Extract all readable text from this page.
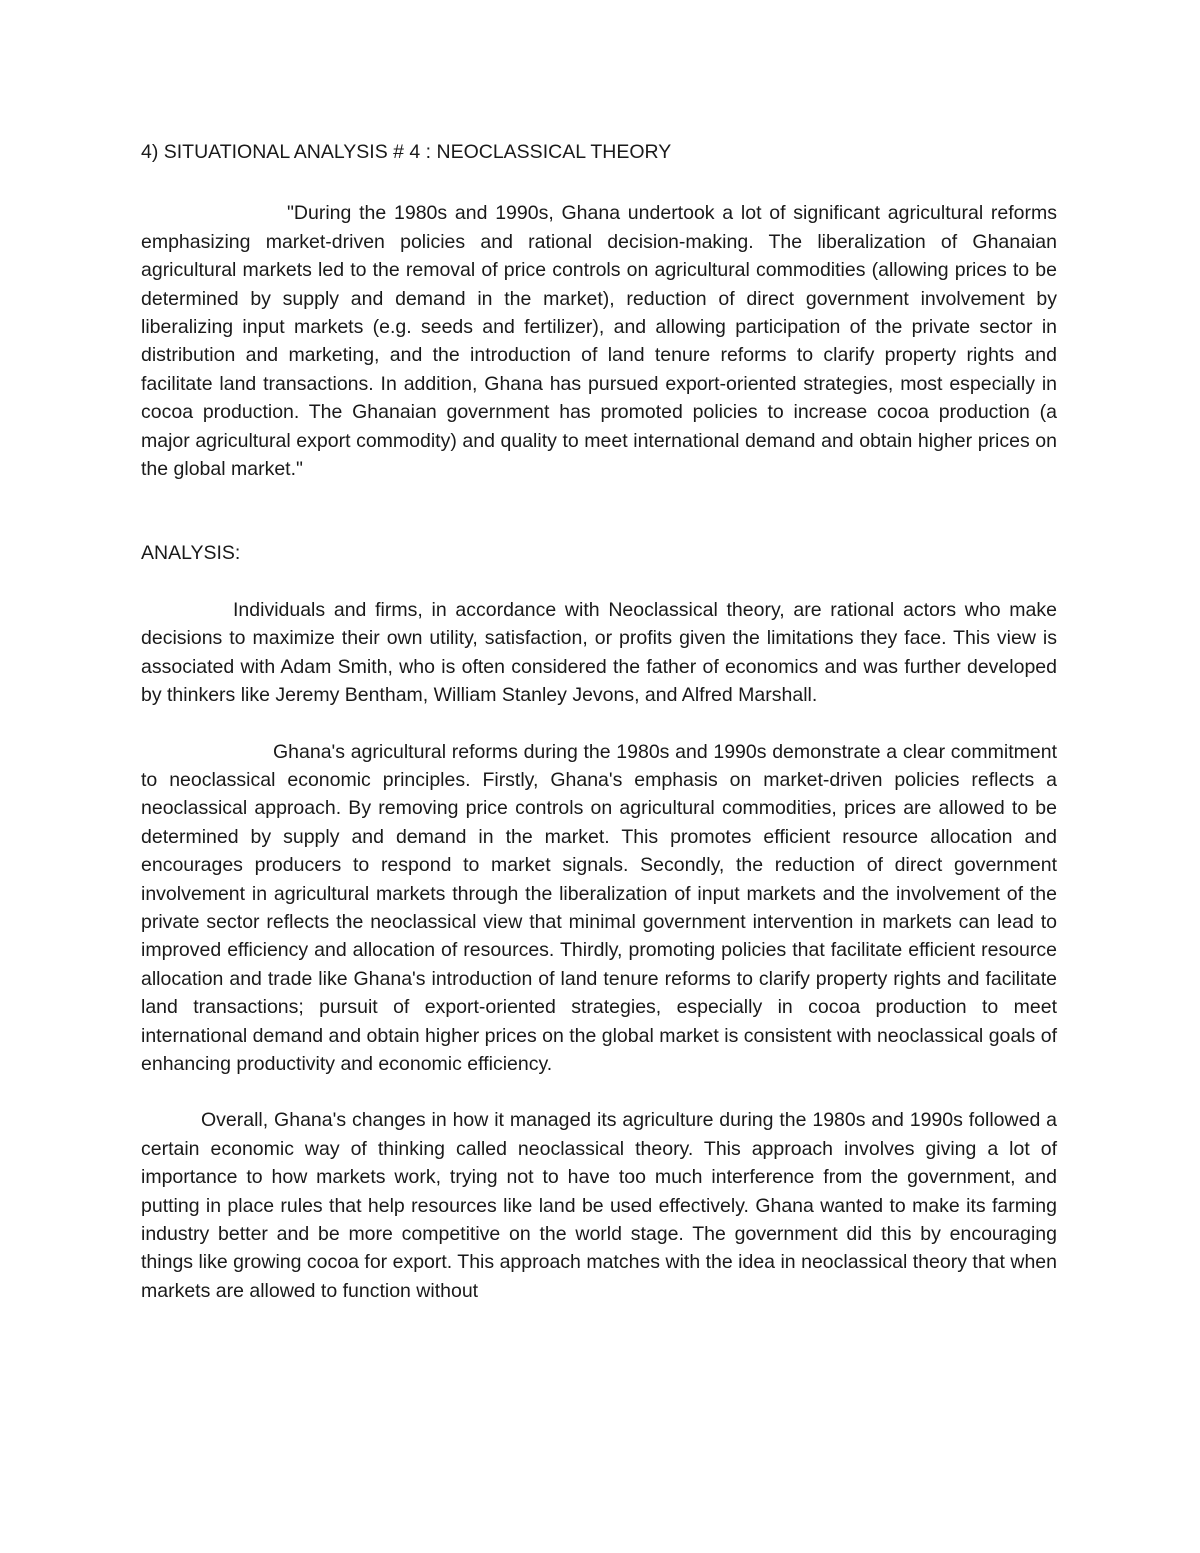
4) SITUATIONAL ANALYSIS # 4 : NEOCLASSICAL THEORY

"During the 1980s and 1990s, Ghana undertook a lot of significant agricultural reforms emphasizing market-driven policies and rational decision-making. The liberalization of Ghanaian agricultural markets led to the removal of price controls on agricultural commodities (allowing prices to be determined by supply and demand in the market), reduction of direct government involvement by liberalizing input markets (e.g. seeds and fertilizer), and allowing participation of the private sector in distribution and marketing, and the introduction of land tenure reforms to clarify property rights and facilitate land transactions. In addition, Ghana has pursued export-oriented strategies, most especially in cocoa production. The Ghanaian government has promoted policies to increase cocoa production (a major agricultural export commodity) and quality to meet international demand and obtain higher prices on the global market."

ANALYSIS:

Individuals and firms, in accordance with Neoclassical theory, are rational actors who make decisions to maximize their own utility, satisfaction, or profits given the limitations they face. This view is associated with Adam Smith, who is often considered the father of economics and was further developed by thinkers like Jeremy Bentham, William Stanley Jevons, and Alfred Marshall.

Ghana's agricultural reforms during the 1980s and 1990s demonstrate a clear commitment to neoclassical economic principles. Firstly, Ghana's emphasis on market-driven policies reflects a neoclassical approach. By removing price controls on agricultural commodities, prices are allowed to be determined by supply and demand in the market. This promotes efficient resource allocation and encourages producers to respond to market signals. Secondly, the reduction of direct government involvement in agricultural markets through the liberalization of input markets and the involvement of the private sector reflects the neoclassical view that minimal government intervention in markets can lead to improved efficiency and allocation of resources. Thirdly, promoting policies that facilitate efficient resource allocation and trade like Ghana's introduction of land tenure reforms to clarify property rights and facilitate land transactions; pursuit of export-oriented strategies, especially in cocoa production to meet international demand and obtain higher prices on the global market is consistent with neoclassical goals of enhancing productivity and economic efficiency.

Overall, Ghana's changes in how it managed its agriculture during the 1980s and 1990s followed a certain economic way of thinking called neoclassical theory. This approach involves giving a lot of importance to how markets work, trying not to have too much interference from the government, and putting in place rules that help resources like land be used effectively. Ghana wanted to make its farming industry better and be more competitive on the world stage. The government did this by encouraging things like growing cocoa for export. This approach matches with the idea in neoclassical theory that when markets are allowed to function without
